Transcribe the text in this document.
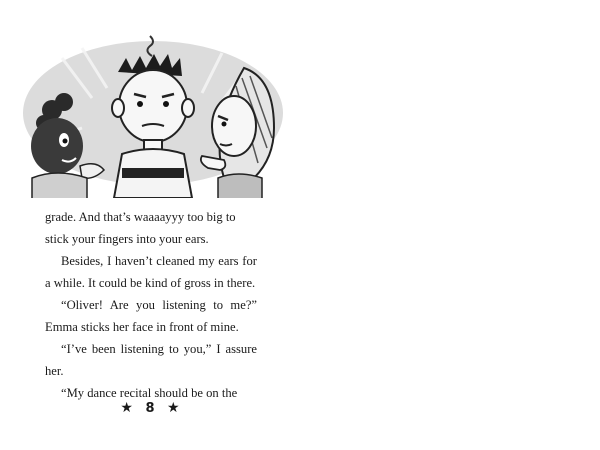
grade. And that’s waaaayyy too big to

stick your fingers into your ears.

Besides, I haven’t cleaned my ears for a while. It could be kind of gross in there.

“Oliver! Are you listening to me?” Emma sticks her face in front of mine.

“I’ve been listening to you,” I assure her.

“My dance recital should be on the

★ 8 ★
